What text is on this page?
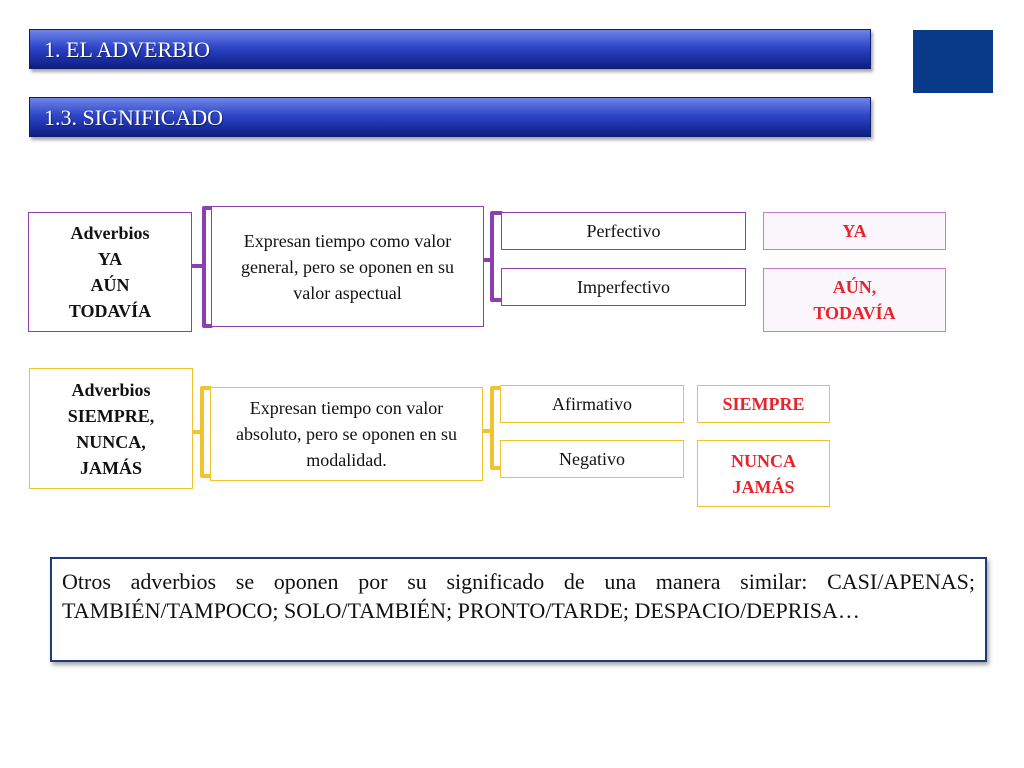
1. EL ADVERBIO
1.3. SIGNIFICADO
Adverbios
YA
AÚN
TODAVÍA
Expresan tiempo como valor general, pero se oponen en su valor aspectual
Perfectivo
Imperfectivo
YA
AÚN,
TODAVÍA
Adverbios
SIEMPRE,
NUNCA,
JAMÁS
Expresan tiempo con valor absoluto, pero se oponen en su modalidad.
Afirmativo
Negativo
SIEMPRE
NUNCA
JAMÁS
Otros adverbios se oponen por su significado de una manera similar: CASI/APENAS; TAMBIÉN/TAMPOCO; SOLO/TAMBIÉN; PRONTO/TARDE; DESPACIO/DEPRISA…
